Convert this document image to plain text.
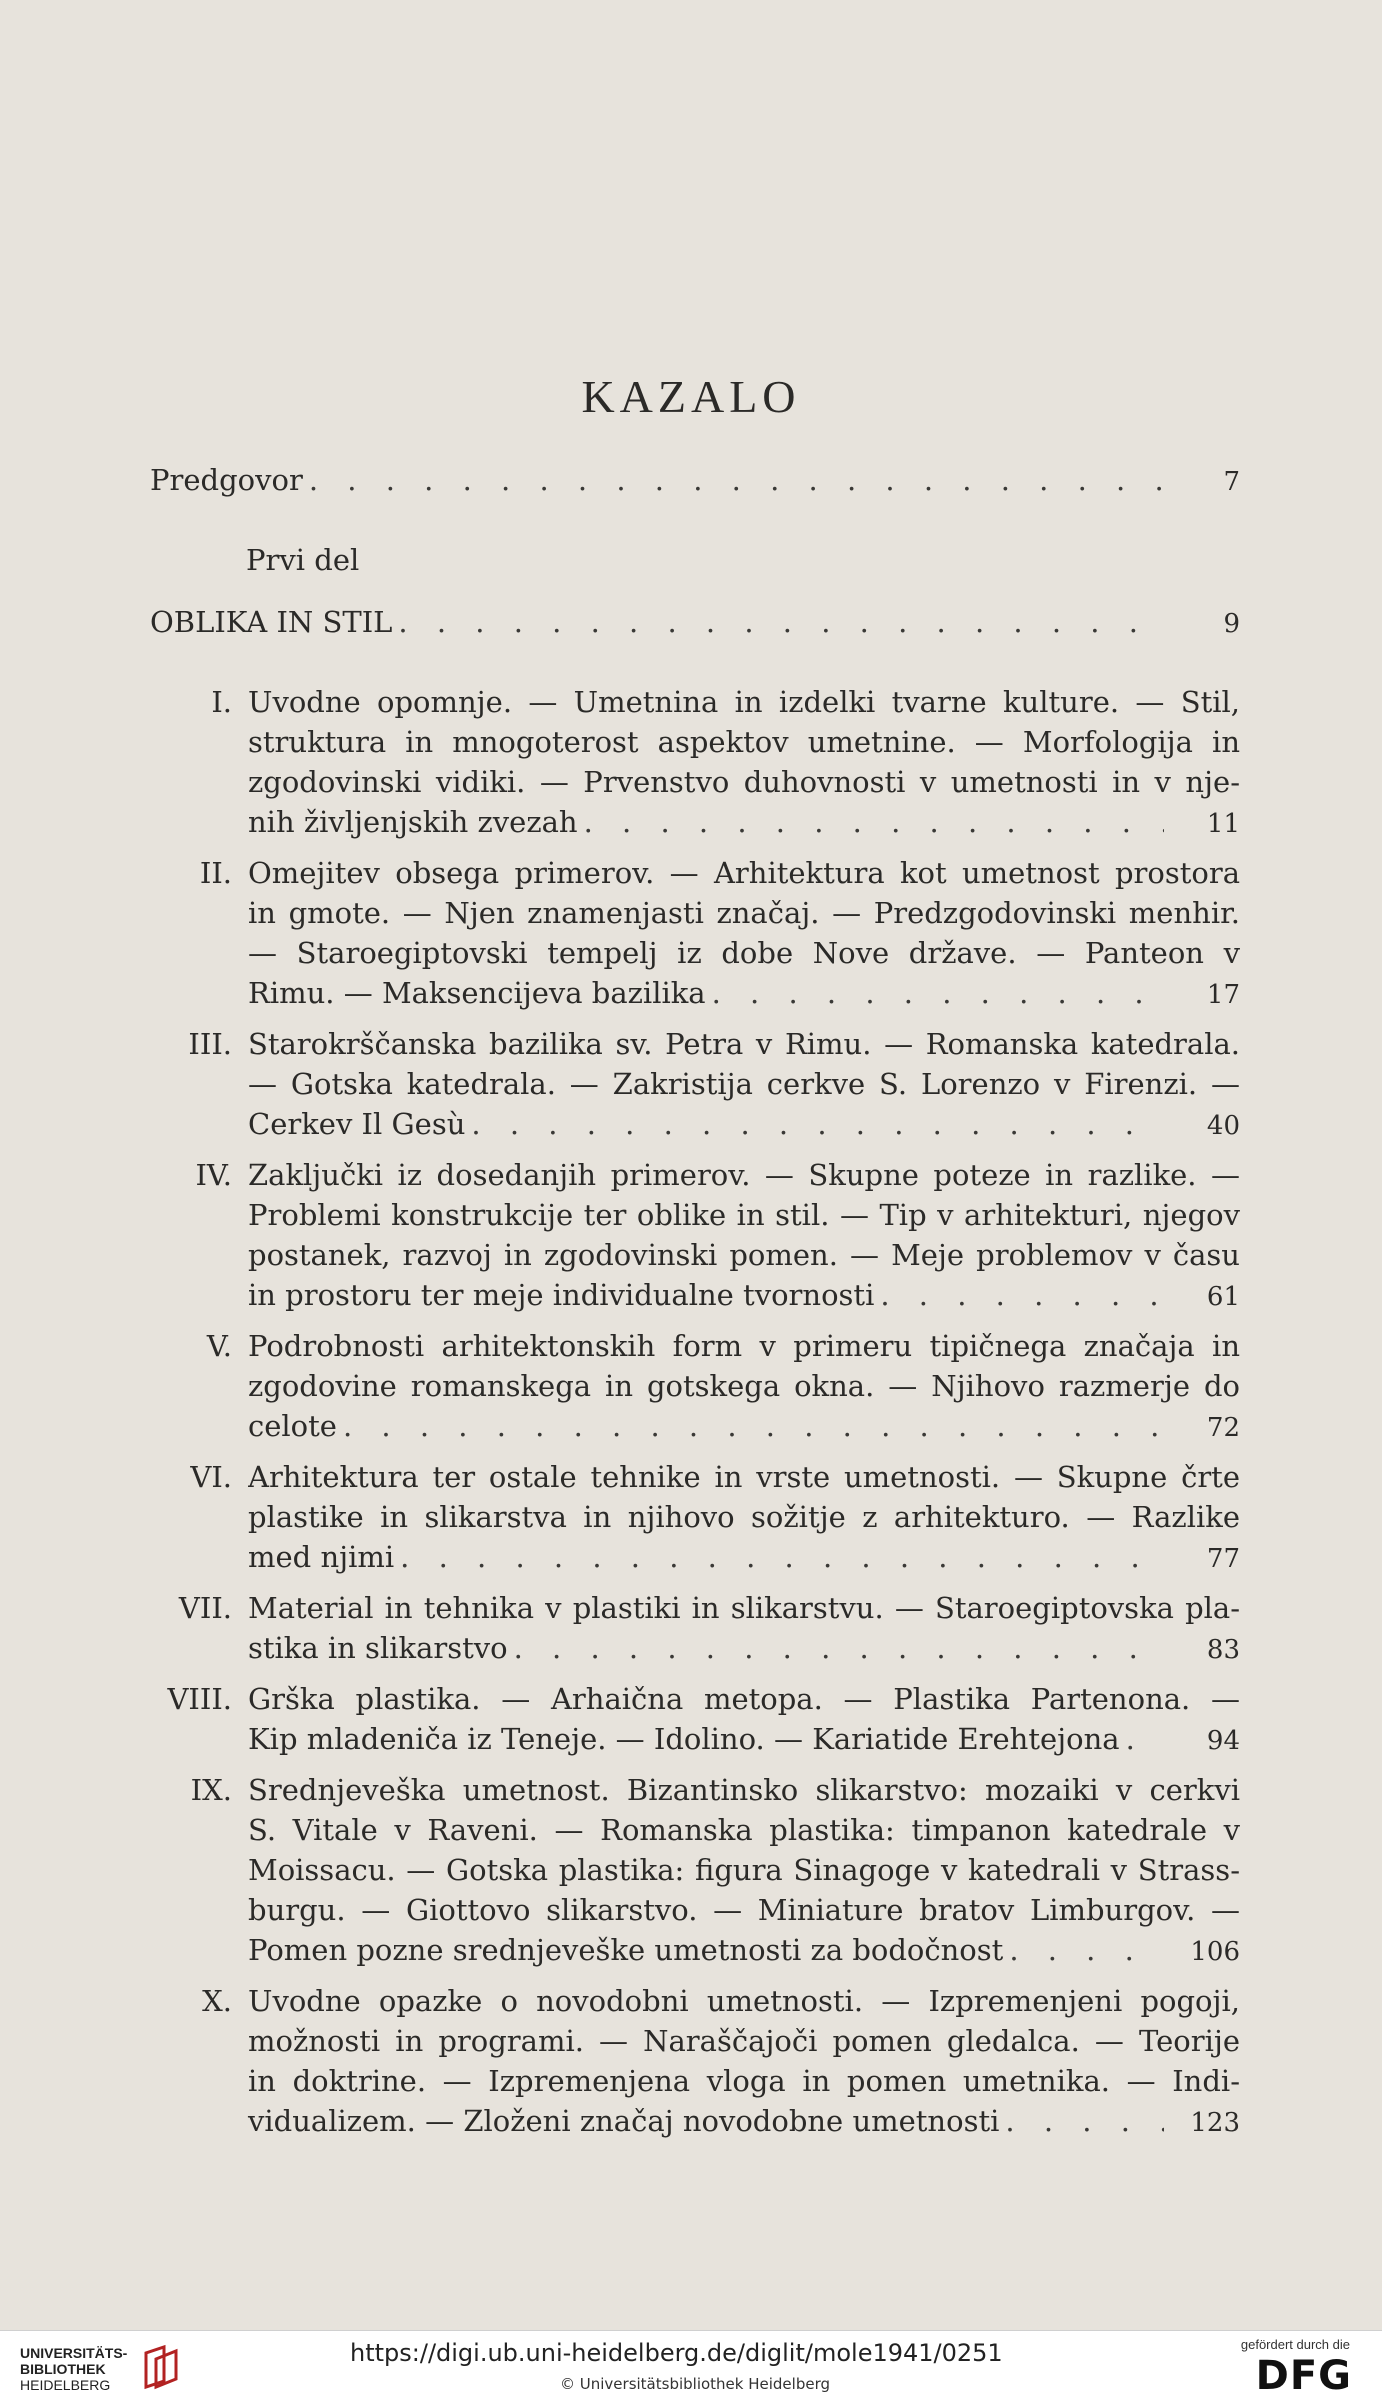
KAZALO
Predgovor . . .	7
Prvi del
OBLIKA IN STIL . . .	9
I. Uvodne opomnje. — Umetnina in izdelki tvarne kulture. — Stil,
struktura in mnogoterost aspektov umetnine. — Morfologija in
zgodovinski vidiki. — Prvenstvo duhovnosti v umetnosti in v nje-
nih življenjskih zvezah . . .	11
II. Omejitev obsega primerov. — Arhitektura kot umetnost prostora
in gmote. — Njen znamenjasti značaj. — Predzgodovinski menhir.
— Staroegiptovski tempelj iz dobe Nove države. — Panteon v
Rimu. — Maksencijeva bazilika . . .	17
III. Starokrščanska bazilika sv. Petra v Rimu. — Romanska katedrala.
— Gotska katedrala. — Zakristija cerkve S. Lorenzo v Firenzi. —
Cerkev Il Gesù . . .	40
IV. Zaključki iz dosedanjih primerov. — Skupne poteze in razlike. —
Problemi konstrukcije ter oblike in stil. — Tip v arhitekturi, njegov
postanek, razvoj in zgodovinski pomen. — Meje problemov v času
in prostoru ter meje individualne tvornosti . . .	61
V. Podrobnosti arhitektonskih form v primeru tipičnega značaja in
zgodovine romanskega in gotskega okna. — Njihovo razmerje do
celote . . .	72
VI. Arhitektura ter ostale tehnike in vrste umetnosti. — Skupne črte
plastike in slikarstva in njihovo sožitje z arhitekturo. — Razlike
med njimi . . .	77
VII. Material in tehnika v plastiki in slikarstvu. — Staroegiptovska pla-
stika in slikarstvo . . .	83
VIII. Grška plastika. — Arhaična metopa. — Plastika Partenona. —
Kip mladeniča iz Teneje. — Idolino. — Kariatide Erehtejona . . .	94
IX. Srednjeveška umetnost. Bizantinsko slikarstvo: mozaiki v cerkvi
S. Vitale v Raveni. — Romanska plastika: timpanon katedrale v
Moissacu. — Gotska plastika: figura Sinagoge v katedrali v Strass-
burgu. — Giottovo slikarstvo. — Miniature bratov Limburgov. —
Pomen pozne srednjeveške umetnosti za bodočnost . . .	106
X. Uvodne opazke o novodobni umetnosti. — Izpremenjeni pogoji,
možnosti in programi. — Naraščajoči pomen gledalca. — Teorije
in doktrine. — Izpremenjena vloga in pomen umetnika. — Indi-
vidualizem. — Zloženi značaj novodobne umetnosti . . .	123
UNIVERSITÄTS-
BIBLIOTHEK
HEIDELBERG
https://digi.ub.uni-heidelberg.de/diglit/mole1941/0251
© Universitätsbibliothek Heidelberg
gefördert durch die
DFG
